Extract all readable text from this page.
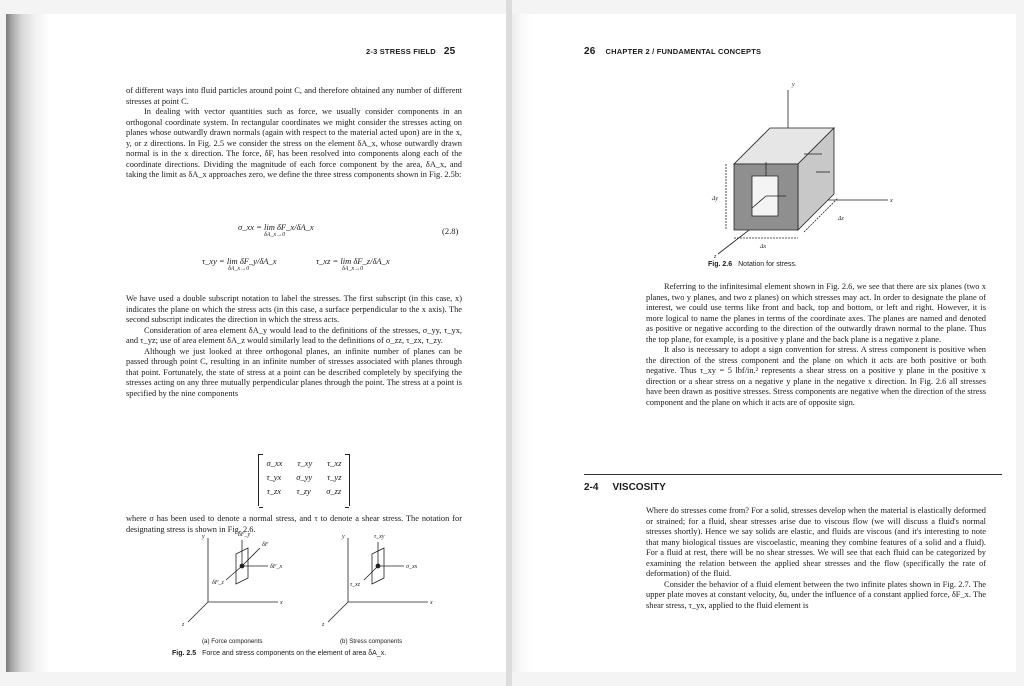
2-3 STRESS FIELD 25

of different ways into fluid particles around point C, and therefore obtained any number of different stresses at point C.

In dealing with vector quantities such as force, we usually consider components in an orthogonal coordinate system. In rectangular coordinates we might consider the stresses acting on planes whose outwardly drawn normals (again with respect to the material acted upon) are in the x, y, or z directions. In Fig. 2.5 we consider the stress on the element δA_x, whose outwardly drawn normal is in the x direction. The force, δF, has been resolved into components along each of the coordinate directions. Dividing the magnitude of each force component by the area, δA_x, and taking the limit as δA_x approaches zero, we define the three stress components shown in Fig. 2.5b:

σ_xx = lim δF_x/δA_x
δA_x→0	(2.8)
τ_xy = lim δF_y/δA_x
δA_x→0
τ_xz = lim δF_z/δA_x
δA_x→0

We have used a double subscript notation to label the stresses. The first subscript (in this case, x) indicates the plane on which the stress acts (in this case, a surface perpendicular to the x axis). The second subscript indicates the direction in which the stress acts.

Consideration of area element δA_y would lead to the definitions of the stresses, σ_yy, τ_yx, and τ_yz; use of area element δA_z would similarly lead to the definitions of σ_zz, τ_zx, τ_zy.

Although we just looked at three orthogonal planes, an infinite number of planes can be passed through point C, resulting in an infinite number of stresses associated with planes through that point. Fortunately, the state of stress at a point can be described completely by specifying the stresses acting on any three mutually perpendicular planes through the point. The stress at a point is specified by the nine components

σ_xx τ_xy τ_xz
τ_yx σ_yy τ_yz
τ_zx τ_zy σ_zz

where σ has been used to denote a normal stress, and τ to denote a shear stress. The notation for designating stress is shown in Fig. 2.6.

y
x
z
δF
δF_x
δF_y
δF_z
y
x
z
σ_xx
τ_xy
τ_xz
(a) Force components	(b) Stress components
Fig. 2.5 Force and stress components on the element of area δA_x.
26 CHAPTER 2 / FUNDAMENTAL CONCEPTS
y
x
z
Δx
Δy
Δz
Fig. 2.6 Notation for stress.

Referring to the infinitesimal element shown in Fig. 2.6, we see that there are six planes (two x planes, two y planes, and two z planes) on which stresses may act. In order to designate the plane of interest, we could use terms like front and back, top and bottom, or left and right. However, it is more logical to name the planes in terms of the coordinate axes. The planes are named and denoted as positive or negative according to the direction of the outwardly drawn normal to the plane. Thus the top plane, for example, is a positive y plane and the back plane is a negative z plane.

It also is necessary to adopt a sign convention for stress. A stress component is positive when the direction of the stress component and the plane on which it acts are both positive or both negative. Thus τ_xy = 5 lbf/in.² represents a shear stress on a positive y plane in the positive x direction or a shear stress on a negative y plane in the negative x direction. In Fig. 2.6 all stresses have been drawn as positive stresses. Stress components are negative when the direction of the stress component and the plane on which it acts are of opposite sign.

2-4 VISCOSITY

Where do stresses come from? For a solid, stresses develop when the material is elastically deformed or strained; for a fluid, shear stresses arise due to viscous flow (we will discuss a fluid's normal stresses shortly). Hence we say solids are elastic, and fluids are viscous (and it's interesting to note that many biological tissues are viscoelastic, meaning they combine features of a solid and a fluid). For a fluid at rest, there will be no shear stresses. We will see that each fluid can be categorized by examining the relation between the applied shear stresses and the flow (specifically the rate of deformation) of the fluid.

Consider the behavior of a fluid element between the two infinite plates shown in Fig. 2.7. The upper plate moves at constant velocity, δu, under the influence of a constant applied force, δF_x. The shear stress, τ_yx, applied to the fluid element is
